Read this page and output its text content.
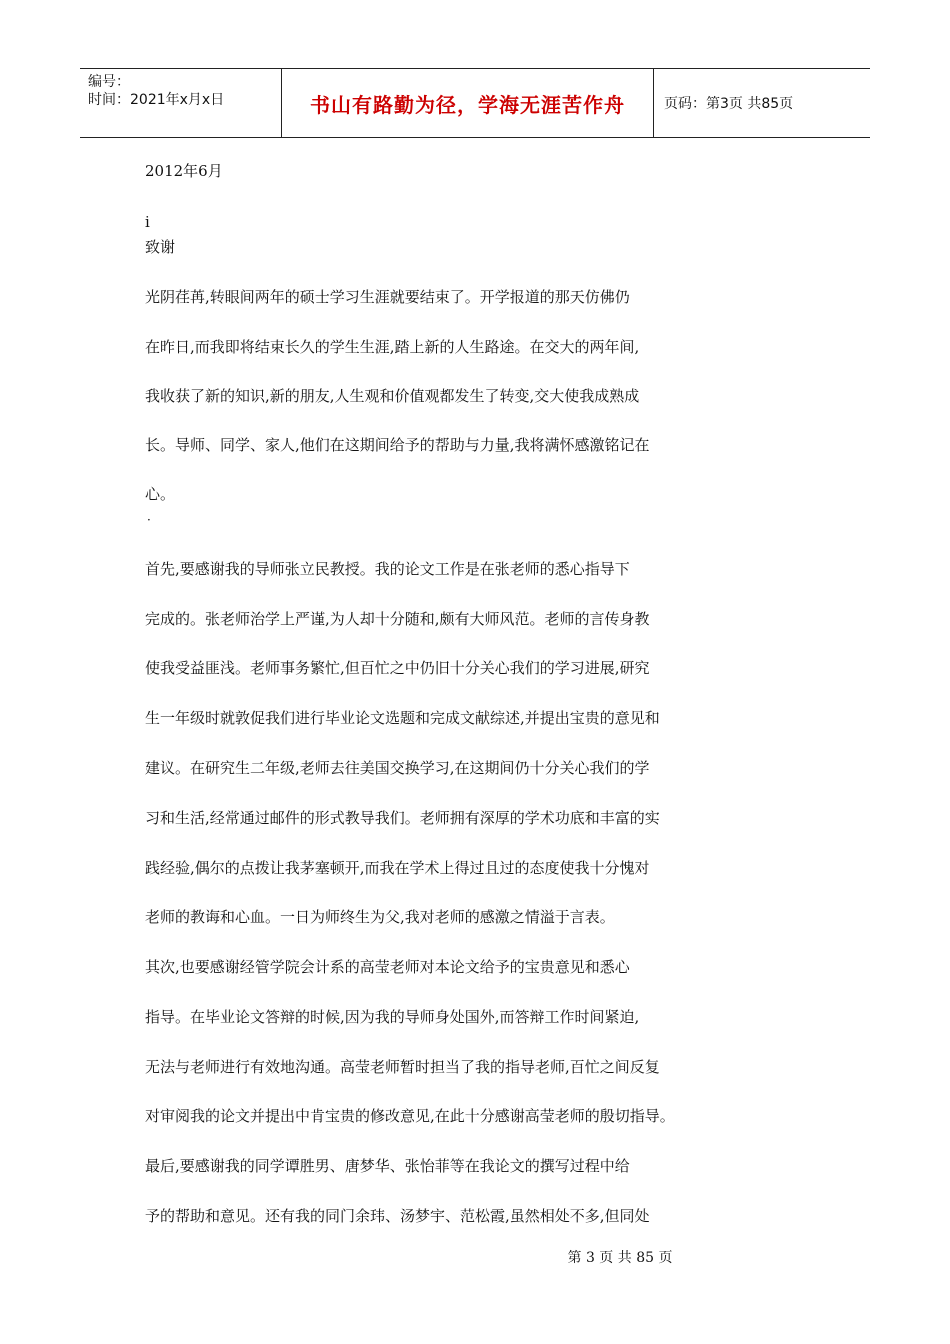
编号：
时间：2021年x月x日	书山有路勤为径，学海无涯苦作舟	页码：第3页 共85页
2012年6月
i
致谢
光阴荏苒,转眼间两年的硕士学习生涯就要结束了。开学报道的那天仿佛仍
在昨日,而我即将结束长久的学生生涯,踏上新的人生路途。在交大的两年间,
我收获了新的知识,新的朋友,人生观和价值观都发生了转变,交大使我成熟成
长。导师、同学、家人,他们在这期间给予的帮助与力量,我将满怀感激铭记在
心。
·
首先,要感谢我的导师张立民教授。我的论文工作是在张老师的悉心指导下
完成的。张老师治学上严谨,为人却十分随和,颇有大师风范。老师的言传身教
使我受益匪浅。老师事务繁忙,但百忙之中仍旧十分关心我们的学习进展,研究
生一年级时就敦促我们进行毕业论文选题和完成文献综述,并提出宝贵的意见和
建议。在研究生二年级,老师去往美国交换学习,在这期间仍十分关心我们的学
习和生活,经常通过邮件的形式教导我们。老师拥有深厚的学术功底和丰富的实
践经验,偶尔的点拨让我茅塞顿开,而我在学术上得过且过的态度使我十分愧对
老师的教诲和心血。一日为师终生为父,我对老师的感激之情溢于言表。
其次,也要感谢经管学院会计系的高莹老师对本论文给予的宝贵意见和悉心
指导。在毕业论文答辩的时候,因为我的导师身处国外,而答辩工作时间紧迫,
无法与老师进行有效地沟通。高莹老师暂时担当了我的指导老师,百忙之间反复
对审阅我的论文并提出中肯宝贵的修改意见,在此十分感谢高莹老师的殷切指导。
最后,要感谢我的同学谭胜男、唐梦华、张怡菲等在我论文的撰写过程中给
予的帮助和意见。还有我的同门余玮、汤梦宇、范松霞,虽然相处不多,但同处
第 3 页 共 85 页
